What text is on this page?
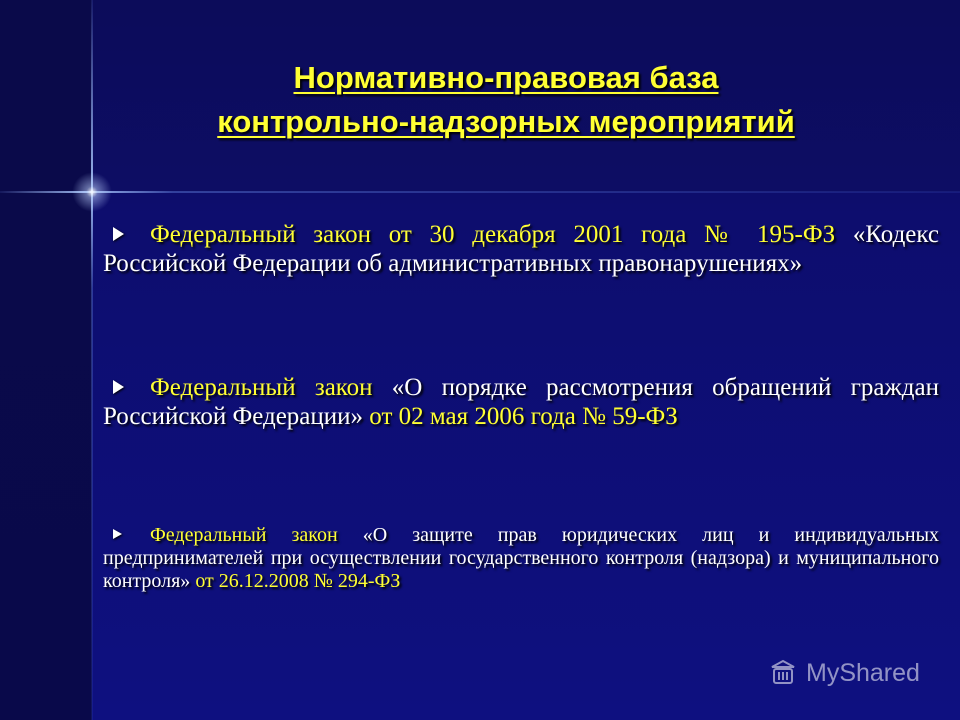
Нормативно-правовая база
контрольно-надзорных мероприятий
Федеральный закон от 30 декабря 2001 года № 195-ФЗ «Кодекс Российской Федерации об административных правонарушениях»
Федеральный закон «О порядке рассмотрения обращений граждан Российской Федерации» от 02 мая 2006 года № 59-ФЗ
Федеральный закон «О защите прав юридических лиц и индивидуальных предпринимателей при осуществлении государственного контроля (надзора) и муниципального контроля» от 26.12.2008 № 294-ФЗ
MyShared
